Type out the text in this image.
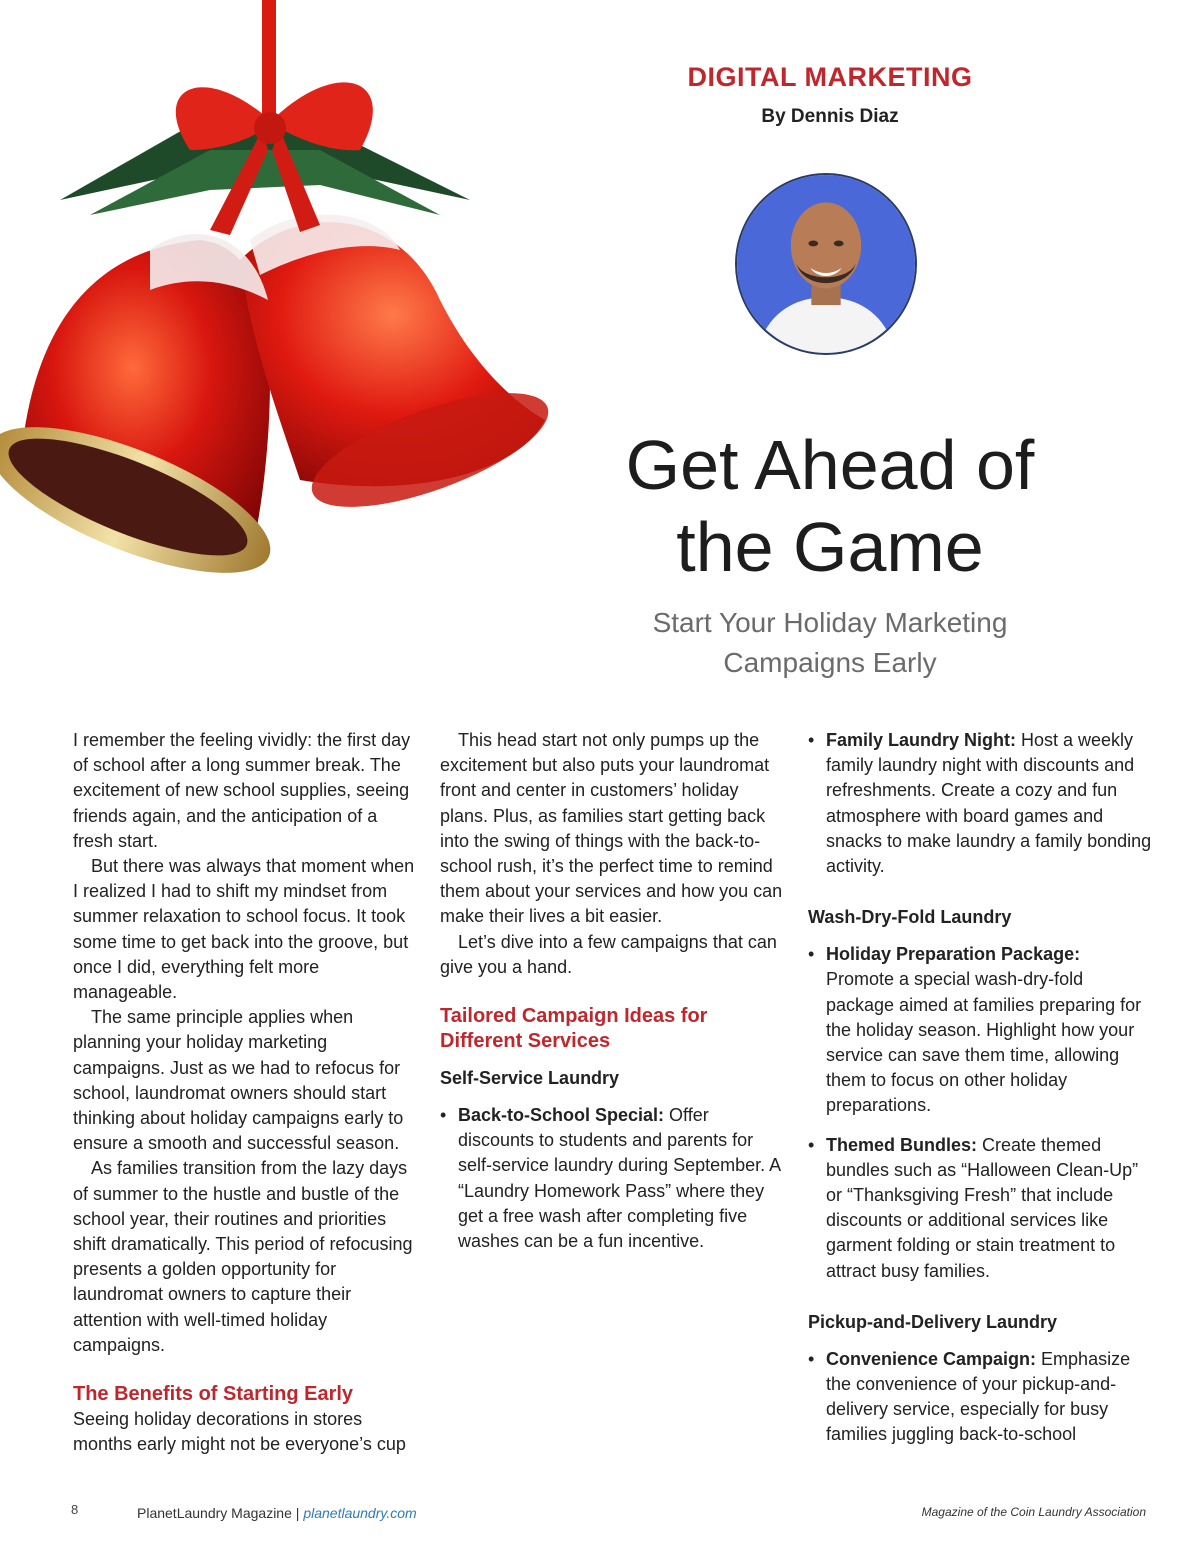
DIGITAL MARKETING
By Dennis Diaz
Get Ahead of
the Game
Start Your Holiday Marketing Campaigns Early

I remember the feeling vividly: the first day of school after a long summer break. The excitement of new school supplies, seeing friends again, and the anticipation of a fresh start.

But there was always that moment when I realized I had to shift my mindset from summer relaxation to school focus. It took some time to get back into the groove, but once I did, everything felt more manageable.

The same principle applies when planning your holiday marketing campaigns. Just as we had to refocus for school, laundromat owners should start thinking about holiday campaigns early to ensure a smooth and successful season.

As families transition from the lazy days of summer to the hustle and bustle of the school year, their routines and priorities shift dramatically. This period of refocusing presents a golden opportunity for laundromat owners to capture their attention with well-timed holiday campaigns.

The Benefits of Starting Early

Seeing holiday decorations in stores months early might not be everyone’s cup

This head start not only pumps up the excitement but also puts your laundromat front and center in customers’ holiday plans. Plus, as families start getting back into the swing of things with the back-to-school rush, it’s the perfect time to remind them about your services and how you can make their lives a bit easier.

Let’s dive into a few campaigns that can give you a hand.

Tailored Campaign Ideas for Different Services

Self-Service Laundry

• Back-to-School Special: Offer discounts to students and parents for self-service laundry during September. A “Laundry Homework Pass” where they get a free wash after completing five washes can be a fun incentive.
• Family Laundry Night: Host a weekly family laundry night with discounts and refreshments. Create a cozy and fun atmosphere with board games and snacks to make laundry a family bonding activity.

Wash-Dry-Fold Laundry

• Holiday Preparation Package: Promote a special wash-dry-fold package aimed at families preparing for the holiday season. Highlight how your service can save them time, allowing them to focus on other holiday preparations.
• Themed Bundles: Create themed bundles such as “Halloween Clean-Up” or “Thanksgiving Fresh” that include discounts or additional services like garment folding or stain treatment to attract busy families.

Pickup-and-Delivery Laundry

• Convenience Campaign: Emphasize the convenience of your pickup-and-delivery service, especially for busy families juggling back-to-school
8	PlanetLaundry Magazine | planetlaundry.com	Magazine of the Coin Laundry Association
